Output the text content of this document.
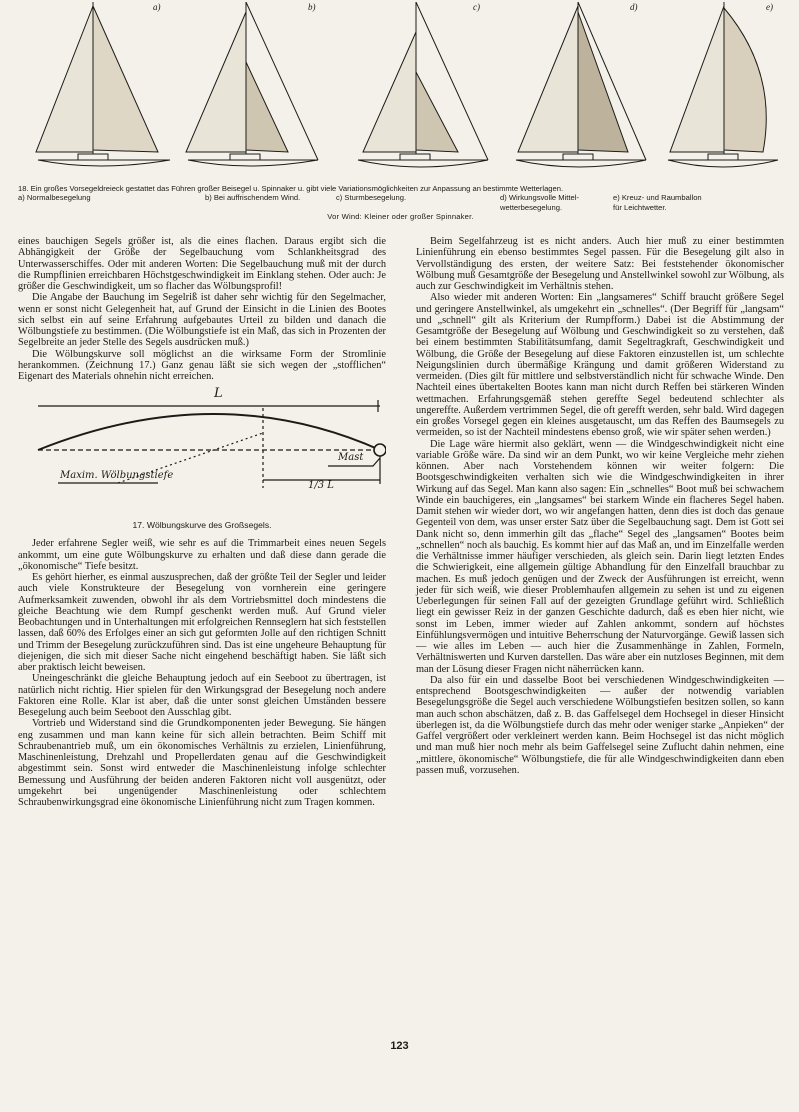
a)	b)	c)	d)	e)
18. Ein großes Vorsegeldreieck gestattet das Führen großer Beisegel u. Spinnaker u. gibt viele Variationsmöglichkeiten zur Anpassung an bestimmte Wetterlagen.
a) Normalbesegelung	b) Bei auffrischendem Wind.	c) Sturmbesegelung.	d) Wirkungsvolle Mittel-
wetterbesegelung.
e) Kreuz- und Raumballon
für Leichtwetter.
Vor Wind: Kleiner oder großer Spinnaker.

eines bauchigen Segels größer ist, als die eines flachen. Daraus ergibt sich die Abhängigkeit der Größe der Segelbauchung vom Schlankheitsgrad des Unterwasserschiffes. Oder mit anderen Worten: Die Segelbauchung muß mit der durch die Rumpflinien erreichbaren Höchstgeschwindigkeit im Einklang stehen. Oder auch: Je größer die Geschwindigkeit, um so flacher das Wölbungsprofil!

Die Angabe der Bauchung im Segelriß ist daher sehr wichtig für den Segelmacher, wenn er sonst nicht Gelegenheit hat, auf Grund der Einsicht in die Linien des Bootes sich selbst ein auf seine Erfahrung aufgebautes Urteil zu bilden und danach die Wölbungstiefe zu bestimmen. (Die Wölbungstiefe ist ein Maß, das sich in Prozenten der Segelbreite an jeder Stelle des Segels ausdrücken muß.)

Die Wölbungskurve soll möglichst an die wirksame Form der Stromlinie herankommen. (Zeichnung 17.) Ganz genau läßt sie sich wegen der „stofflichen“ Eigenart des Materials ohnehin nicht erreichen.

L
Mast
1/3 L
Maxim. Wölbungstiefe
17. Wölbungskurve des Großsegels.

Jeder erfahrene Segler weiß, wie sehr es auf die Trimmarbeit eines neuen Segels ankommt, um eine gute Wölbungskurve zu erhalten und daß diese dann gerade die „ökonomische“ Tiefe besitzt.

Es gehört hierher, es einmal auszusprechen, daß der größte Teil der Segler und leider auch viele Konstrukteure der Besegelung von vornherein eine geringere Aufmerksamkeit zuwenden, obwohl ihr als dem Vortriebsmittel doch mindestens die gleiche Beachtung wie dem Rumpf geschenkt werden muß. Auf Grund vieler Beobachtungen und in Unterhaltungen mit erfolgreichen Rennseglern hat sich feststellen lassen, daß 60% des Erfolges einer an sich gut geformten Jolle auf den richtigen Schnitt und Trimm der Besegelung zurückzuführen sind. Das ist eine ungeheure Behauptung für diejenigen, die sich mit dieser Sache nicht eingehend beschäftigt haben. Sie läßt sich aber praktisch leicht beweisen.

Uneingeschränkt die gleiche Behauptung jedoch auf ein Seeboot zu übertragen, ist natürlich nicht richtig. Hier spielen für den Wirkungsgrad der Besegelung noch andere Faktoren eine Rolle. Klar ist aber, daß die unter sonst gleichen Umständen bessere Besegelung auch beim Seeboot den Ausschlag gibt.

Vortrieb und Widerstand sind die Grundkomponenten jeder Bewegung. Sie hängen eng zusammen und man kann keine für sich allein betrachten. Beim Schiff mit Schraubenantrieb muß, um ein ökonomisches Verhältnis zu erzielen, Linienführung, Maschinenleistung, Drehzahl und Propellerdaten genau auf die Geschwindigkeit abgestimmt sein. Sonst wird entweder die Maschinenleistung infolge schlechter Bemessung und Ausführung der beiden anderen Faktoren nicht voll ausgenützt, oder umgekehrt bei ungenügender Maschinenleistung oder schlechtem Schraubenwirkungsgrad eine ökonomische Linienführung nicht zum Tragen kommen.

Beim Segelfahrzeug ist es nicht anders. Auch hier muß zu einer bestimmten Linienführung ein ebenso bestimmtes Segel passen. Für die Besegelung gilt also in Vervollständigung des ersten, der weitere Satz: Bei feststehender ökonomischer Wölbung muß Gesamtgröße der Besegelung und Anstellwinkel sowohl zur Wölbung, als auch zur Geschwindigkeit im Verhältnis stehen.

Also wieder mit anderen Worten: Ein „langsameres“ Schiff braucht größere Segel und geringere Anstellwinkel, als umgekehrt ein „schnelles“. (Der Begriff für „langsam“ und „schnell“ gilt als Kriterium der Rumpfform.) Dabei ist die Abstimmung der Gesamtgröße der Besegelung auf Wölbung und Geschwindigkeit so zu verstehen, daß bei einem bestimmten Stabilitätsumfang, damit Segeltragkraft, Geschwindigkeit und Wölbung, die Größe der Besegelung auf diese Faktoren einzustellen ist, um schlechte Neigungslinien durch übermäßige Krängung und damit größeren Widerstand zu vermeiden. (Dies gilt für mittlere und selbstverständlich nicht für schwache Winde. Den Nachteil eines übertakelten Bootes kann man nicht durch Reffen bei stärkeren Winden wettmachen. Erfahrungsgemäß stehen gereffte Segel bedeutend schlechter als ungereffte. Außerdem vertrimmen Segel, die oft gerefft werden, sehr bald. Wird dagegen ein großes Vorsegel gegen ein kleines ausgetauscht, um das Reffen des Baumsegels zu vermeiden, so ist der Nachteil mindestens ebenso groß, wie wir später sehen werden.)

Die Lage wäre hiermit also geklärt, wenn — die Windgeschwindigkeit nicht eine variable Größe wäre. Da sind wir an dem Punkt, wo wir keine Vergleiche mehr ziehen können. Aber nach Vorstehendem können wir weiter folgern: Die Bootsgeschwindigkeiten verhalten sich wie die Windgeschwindigkeiten in ihrer Wirkung auf das Segel. Man kann also sagen: Ein „schnelles“ Boot muß bei schwachem Winde ein bauchigeres, ein „langsames“ bei starkem Winde ein flacheres Segel haben. Damit stehen wir wieder dort, wo wir angefangen hatten, denn dies ist doch das genaue Gegenteil von dem, was unser erster Satz über die Segelbauchung sagt. Dem ist Gott sei Dank nicht so, denn immerhin gilt das „flache“ Segel des „langsamen“ Bootes beim „schnellen“ noch als bauchig. Es kommt hier auf das Maß an, und im Einzelfalle werden die Verhältnisse immer häufiger verschieden, als gleich sein. Darin liegt letzten Endes die Schwierigkeit, eine allgemein gültige Abhandlung für den Einzelfall brauchbar zu machen. Es muß jedoch genügen und der Zweck der Ausführungen ist erreicht, wenn jeder für sich weiß, wie dieser Problemhaufen allgemein zu sehen ist und zu eigenen Ueberlegungen für seinen Fall auf der gezeigten Grundlage geführt wird. Schließlich liegt ein gewisser Reiz in der ganzen Geschichte dadurch, daß es eben hier nicht, wie sonst im Leben, immer wieder auf Zahlen ankommt, sondern auf höchstes Einfühlungsvermögen und intuitive Beherrschung der Naturvorgänge. Gewiß lassen sich — wie alles im Leben — auch hier die Zusammenhänge in Zahlen, Formeln, Verhältniswerten und Kurven darstellen. Das wäre aber ein nutzloses Beginnen, mit dem man der Lösung dieser Fragen nicht näherrücken kann.

Da also für ein und dasselbe Boot bei verschiedenen Windgeschwindigkeiten — entsprechend Bootsgeschwindigkeiten — außer der notwendig variablen Besegelungsgröße die Segel auch verschiedene Wölbungstiefen besitzen sollen, so kann man auch schon abschätzen, daß z. B. das Gaffelsegel dem Hochsegel in dieser Hinsicht überlegen ist, da die Wölbungstiefe durch das mehr oder weniger starke „Anpieken“ der Gaffel vergrößert oder verkleinert werden kann. Beim Hochsegel ist das nicht möglich und man muß hier noch mehr als beim Gaffelsegel seine Zuflucht dahin nehmen, eine „mittlere, ökonomische“ Wölbungstiefe, die für alle Windgeschwindigkeiten dann eben passen muß, vorzusehen.

123
